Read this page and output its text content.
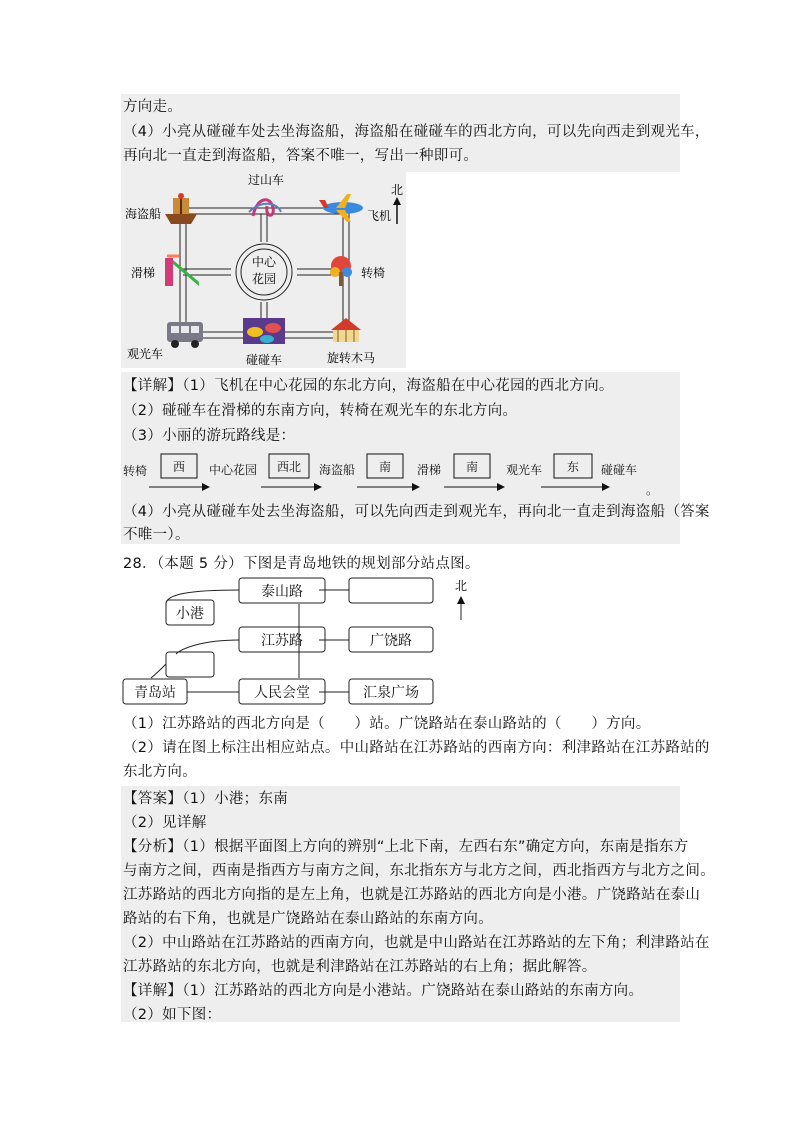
方向走。
（4）小亮从碰碰车处去坐海盗船，海盗船在碰碰车的西北方向，可以先向西走到观光车，
再向北一直走到海盗船，答案不唯一，写出一种即可。
中心
花园
北
过山车
海盗船	飞机
滑梯	转椅
观光车	碰碰车	旋转木马
【详解】（1）飞机在中心花园的东北方向，海盗船在中心花园的西北方向。
（2）碰碰车在滑梯的东南方向，转椅在观光车的东北方向。
（3）小丽的游玩路线是：
转椅	中心花园	海盗船	滑梯	观光车	碰碰车
。
西	西北	南	南	东
（4）小亮从碰碰车处去坐海盗船，可以先向西走到观光车，再向北一直走到海盗船（答案
不唯一）。
28．（本题 5 分）下图是青岛地铁的规划部分站点图。
北
泰山路
小港
江苏路	广饶路
青岛站	人民会堂	汇泉广场
（1）江苏路站的西北方向是（　　）站。广饶路站在泰山路站的（　　）方向。
（2）请在图上标注出相应站点。中山路站在江苏路站的西南方向：利津路站在江苏路站的
东北方向。
【答案】（1）小港；东南
（2）见详解
【分析】（1）根据平面图上方向的辨别“上北下南，左西右东”确定方向，东南是指东方
与南方之间，西南是指西方与南方之间，东北指东方与北方之间，西北指西方与北方之间。
江苏路站的西北方向指的是左上角，也就是江苏路站的西北方向是小港。广饶路站在泰山
路站的右下角，也就是广饶路站在泰山路站的东南方向。
（2）中山路站在江苏路站的西南方向，也就是中山路站在江苏路站的左下角；利津路站在
江苏路站的东北方向，也就是利津路站在江苏路站的右上角；据此解答。
【详解】（1）江苏路站的西北方向是小港站。广饶路站在泰山路站的东南方向。
（2）如下图：
